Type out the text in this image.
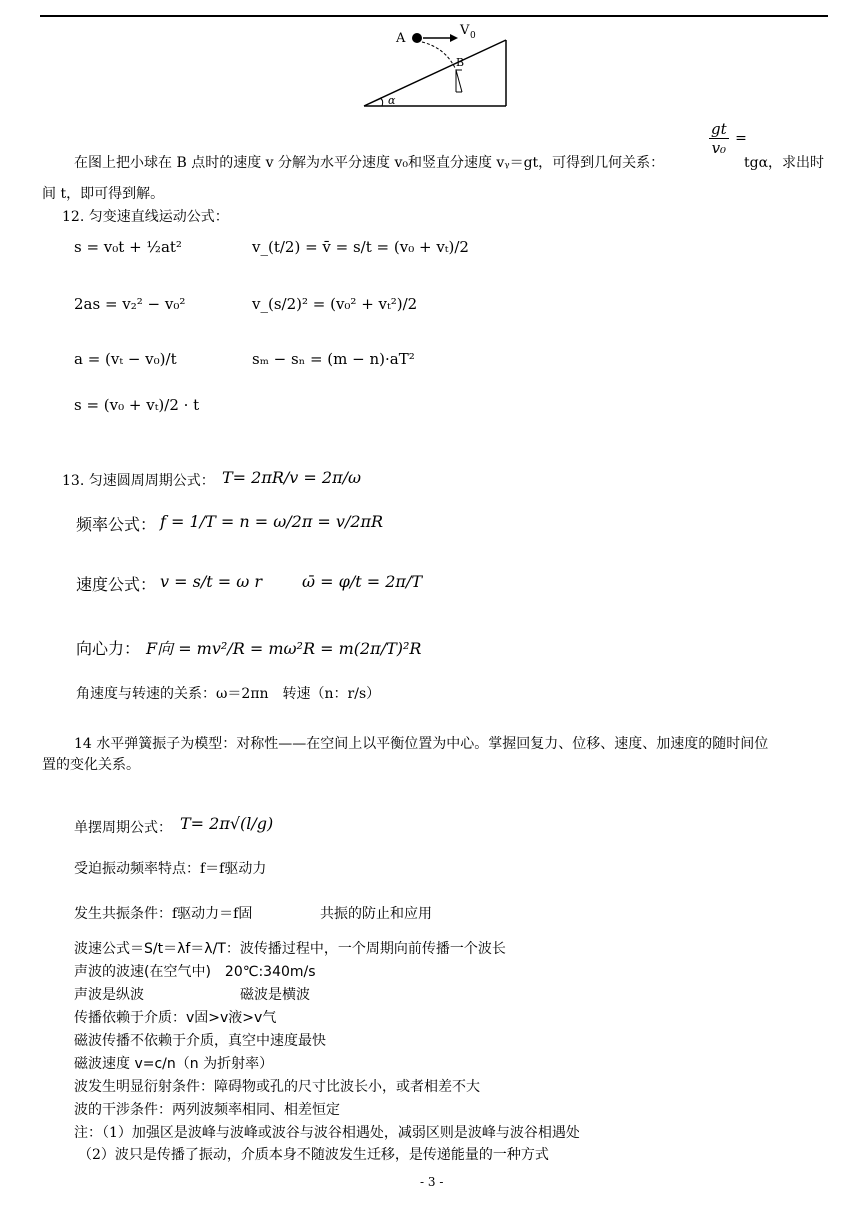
A
V 0
B
α
$\frac{gt}{\text{v₀}}$ =
在图上把小球在 B 点时的速度 v 分解为水平分速度 v₀和竖直分速度 vᵧ＝gt，可得到几何关系：	tgα，求出时
间 t，即可得到解。
12. 匀变速直线运动公式：
s = v₀t + ½at²	v_(t/2) = v̄ = s/t = (v₀ + vₜ)/2
2as = v₂² − v₀²	v_(s/2)² = (v₀² + vₜ²)/2
a = (vₜ − v₀)/t	sₘ − sₙ = (m − n)·aT²
s = (v₀ + vₜ)/2 · t
13. 匀速圆周周期公式： T= 2πR/v = 2π/ω
频率公式： f = 1/T = n = ω/2π = v/2πR
速度公式： v = s/t = ω r ω̄ = φ/t = 2π/T
向心力： F向 = mv²/R = mω²R = m(2π/T)²R
角速度与转速的关系：ω＝2πn　转速（n：r/s）
14 水平弹簧振子为模型：对称性——在空间上以平衡位置为中心。掌握回复力、位移、速度、加速度的随时间位
置的变化关系。
单摆周期公式： T= 2π√(l/g)
受迫振动频率特点：f＝f驱动力
发生共振条件：f驱动力＝f固	共振的防止和应用
波速公式＝S/t＝λf＝λ/T：波传播过程中，一个周期向前传播一个波长
声波的波速(在空气中)　20℃:340m/s
声波是纵波	磁波是横波
传播依赖于介质：v固>v液>v气
磁波传播不依赖于介质，真空中速度最快
磁波速度 v=c/n（n 为折射率）
波发生明显衍射条件：障碍物或孔的尺寸比波长小，或者相差不大
波的干涉条件：两列波频率相同、相差恒定
注：（1）加强区是波峰与波峰或波谷与波谷相遇处，减弱区则是波峰与波谷相遇处
（2）波只是传播了振动，介质本身不随波发生迁移，是传递能量的一种方式
- 3 -
